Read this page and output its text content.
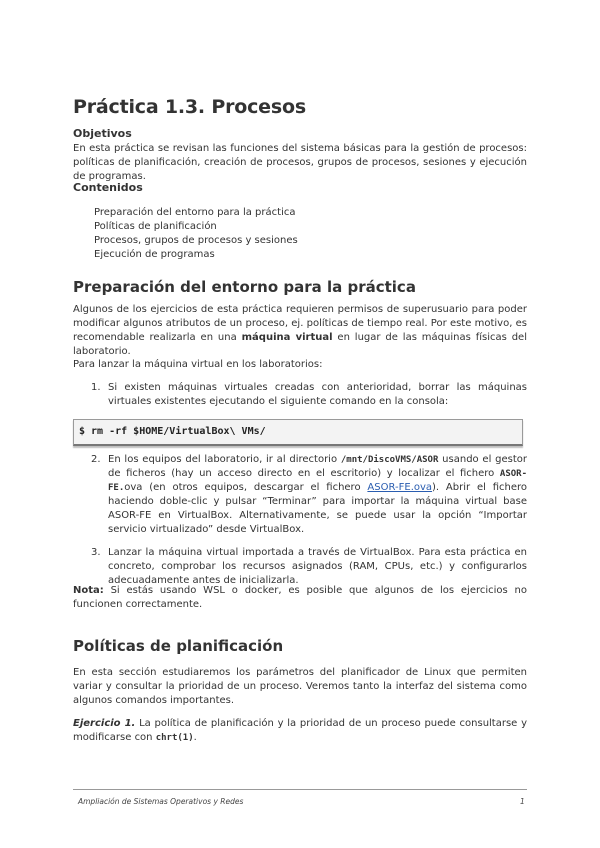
Práctica 1.3. Procesos
Objetivos

En esta práctica se revisan las funciones del sistema básicas para la gestión de procesos: políticas de planificación, creación de procesos, grupos de procesos, sesiones y ejecución de programas.

Contenidos
Preparación del entorno para la práctica
Políticas de planificación
Procesos, grupos de procesos y sesiones
Ejecución de programas
Preparación del entorno para la práctica

Algunos de los ejercicios de esta práctica requieren permisos de superusuario para poder modificar algunos atributos de un proceso, ej. políticas de tiempo real. Por este motivo, es recomendable realizarla en una máquina virtual en lugar de las máquinas físicas del laboratorio.

Para lanzar la máquina virtual en los laboratorios:

1. Si existen máquinas virtuales creadas con anterioridad, borrar las máquinas virtuales existentes ejecutando el siguiente comando en la consola:
$ rm -rf $HOME/VirtualBox\ VMs/
2. En los equipos del laboratorio, ir al directorio /mnt/DiscoVMS/ASOR usando el gestor de ficheros (hay un acceso directo en el escritorio) y localizar el fichero ASOR-FE.ova (en otros equipos, descargar el fichero ASOR-FE.ova). Abrir el fichero haciendo doble-clic y pulsar “Terminar” para importar la máquina virtual base ASOR-FE en VirtualBox. Alternativamente, se puede usar la opción “Importar servicio virtualizado” desde VirtualBox.
3. Lanzar la máquina virtual importada a través de VirtualBox. Para esta práctica en concreto, comprobar los recursos asignados (RAM, CPUs, etc.) y configurarlos adecuadamente antes de inicializarla.

Nota: Si estás usando WSL o docker, es posible que algunos de los ejercicios no funcionen correctamente.

Políticas de planificación

En esta sección estudiaremos los parámetros del planificador de Linux que permiten variar y consultar la prioridad de un proceso. Veremos tanto la interfaz del sistema como algunos comandos importantes.

Ejercicio 1. La política de planificación y la prioridad de un proceso puede consultarse y modificarse con chrt(1).

Ampliación de Sistemas Operativos y Redes	1
